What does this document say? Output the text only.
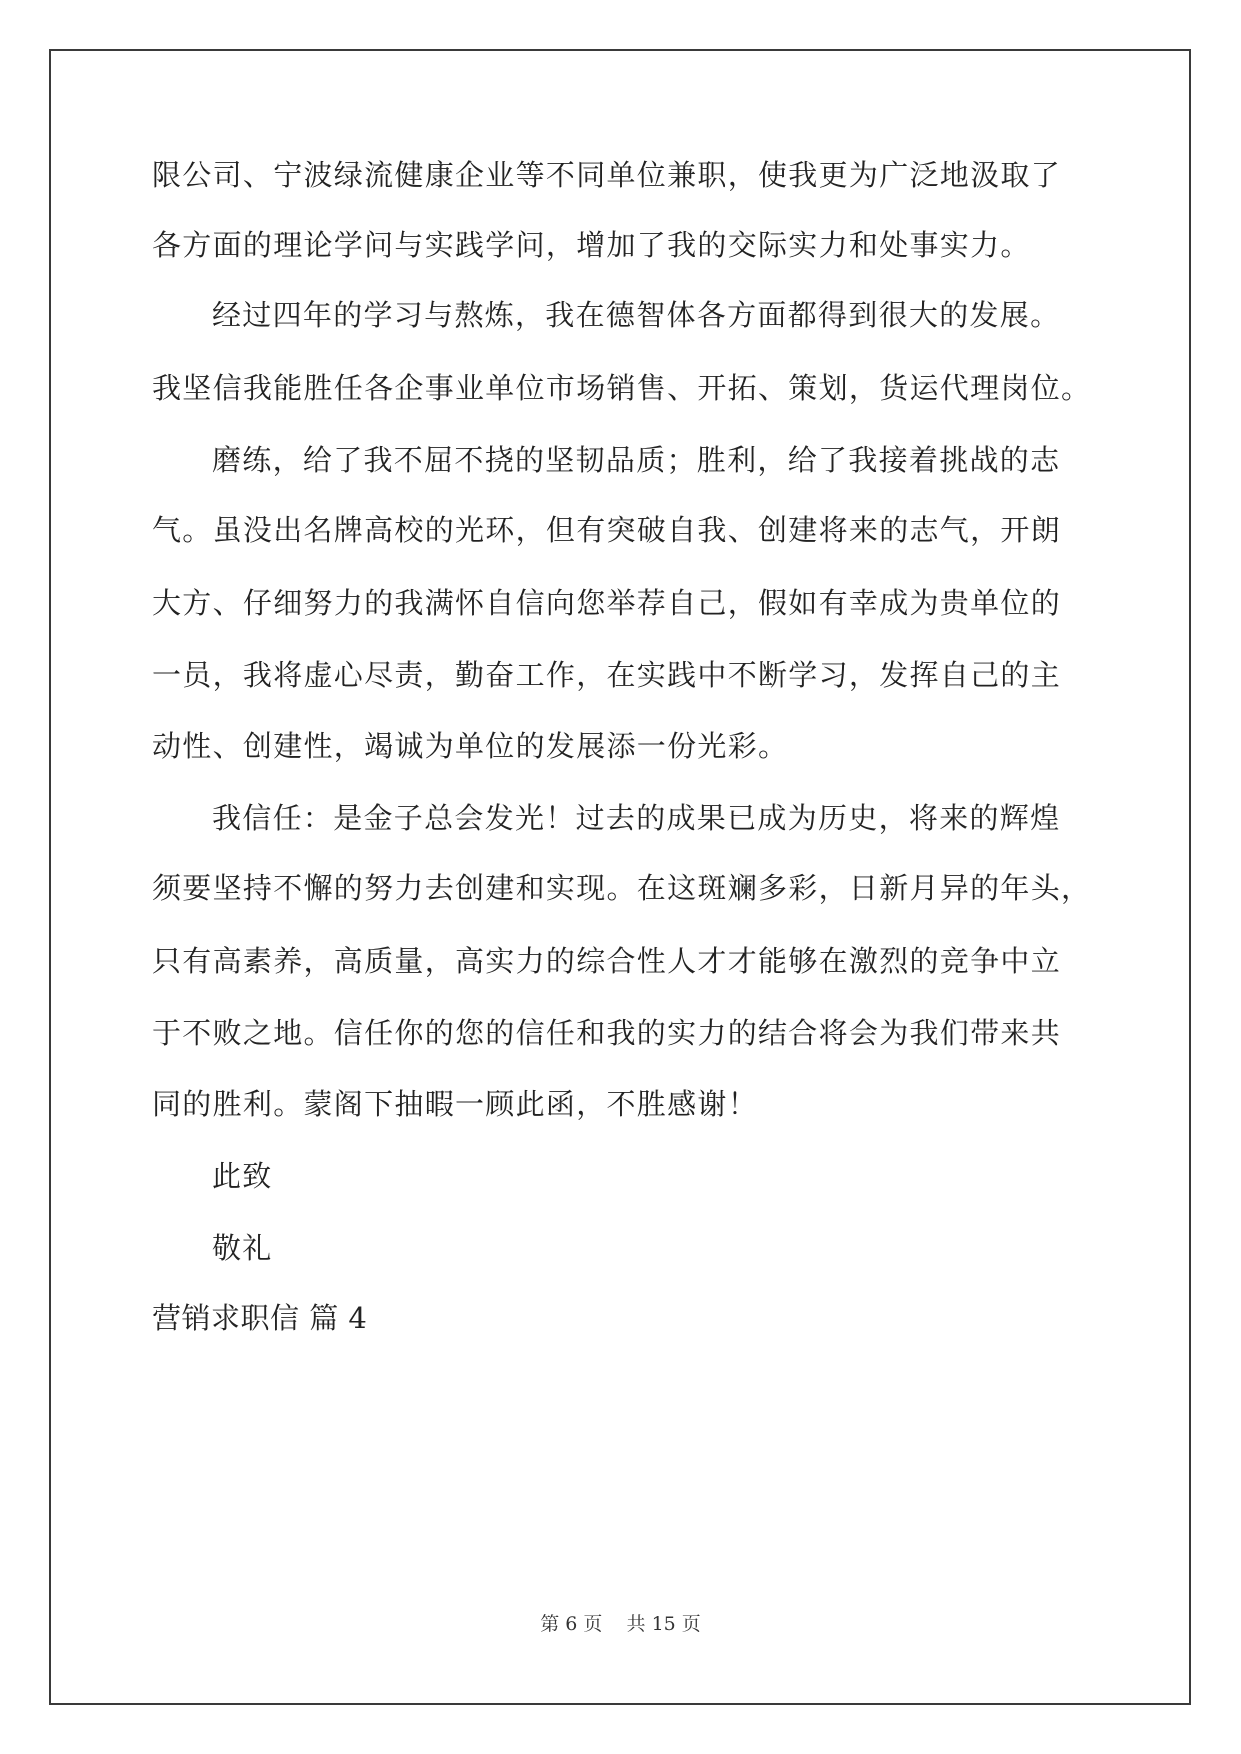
限公司、宁波绿流健康企业等不同单位兼职，使我更为广泛地汲取了
各方面的理论学问与实践学问，增加了我的交际实力和处事实力。
经过四年的学习与熬炼，我在德智体各方面都得到很大的发展。
我坚信我能胜任各企事业单位市场销售、开拓、策划，货运代理岗位。
磨练，给了我不屈不挠的坚韧品质；胜利，给了我接着挑战的志
气。虽没出名牌高校的光环，但有突破自我、创建将来的志气，开朗
大方、仔细努力的我满怀自信向您举荐自己，假如有幸成为贵单位的
一员，我将虚心尽责，勤奋工作，在实践中不断学习，发挥自己的主
动性、创建性，竭诚为单位的发展添一份光彩。
我信任：是金子总会发光！过去的成果已成为历史，将来的辉煌
须要坚持不懈的努力去创建和实现。在这斑斓多彩，日新月异的年头，
只有高素养，高质量，高实力的综合性人才才能够在激烈的竞争中立
于不败之地。信任你的您的信任和我的实力的结合将会为我们带来共
同的胜利。蒙阁下抽暇一顾此函，不胜感谢！
此致
敬礼
营销求职信 篇 4
第 6 页    共 15 页
